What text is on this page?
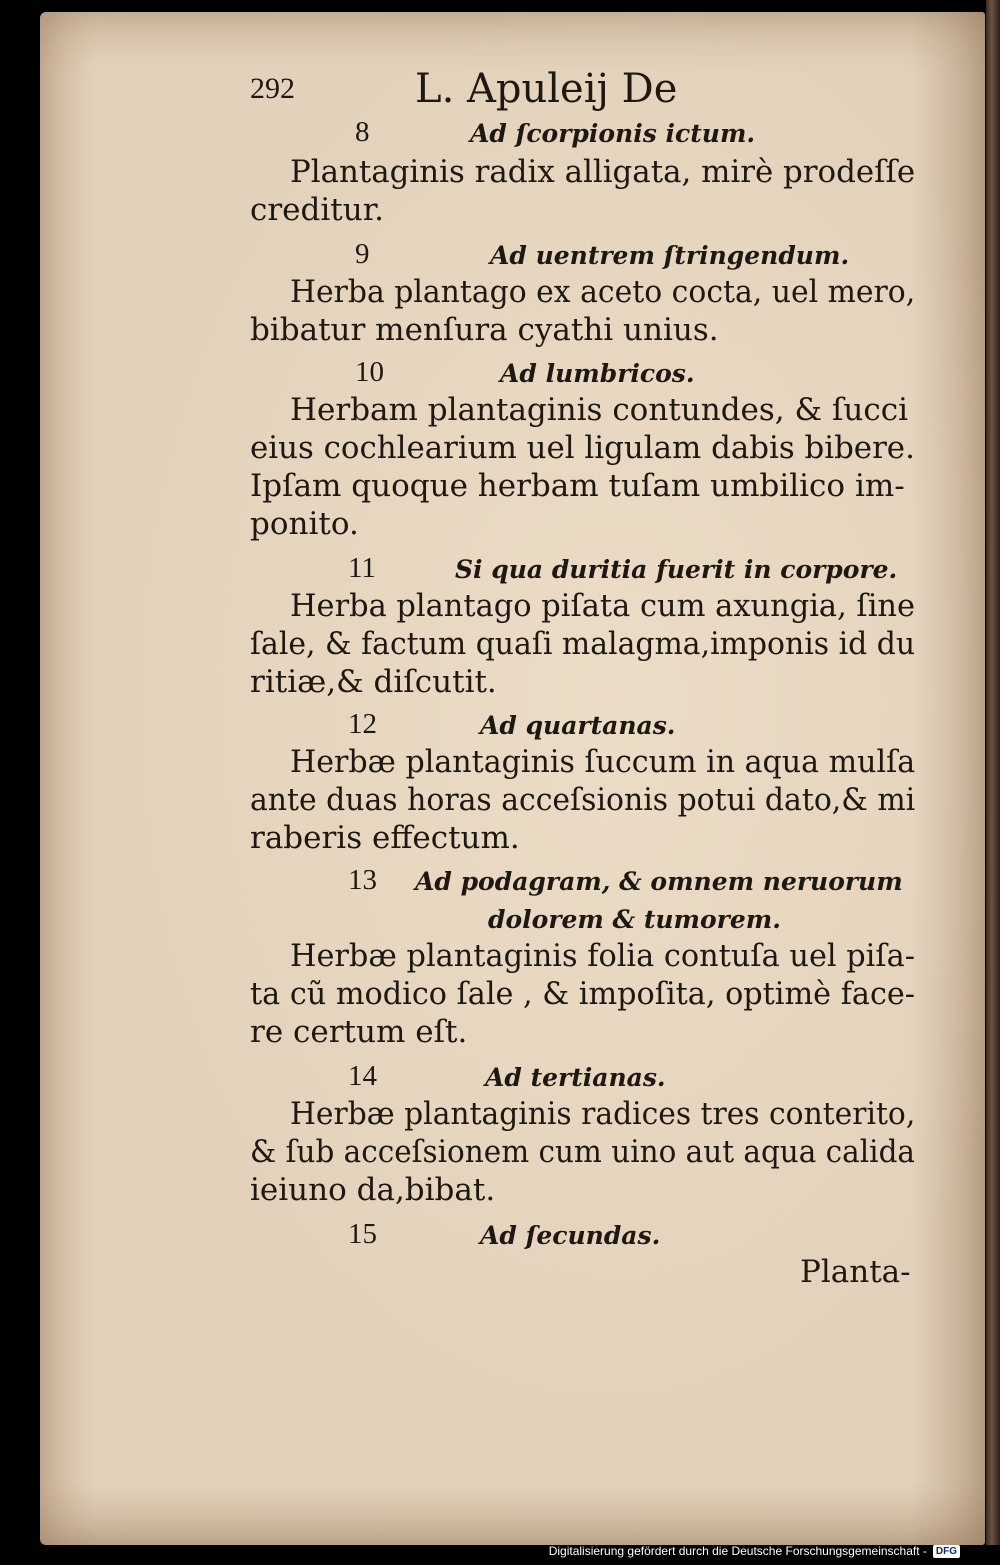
292	L. Apuleij De

8	Ad ſcorpionis ictum.

Plantaginis radix alligata, mirè prodeſſe

creditur.

9	Ad uentrem ſtringendum.

Herba plantago ex aceto cocta, uel mero,

bibatur menſura cyathi unius.

10	Ad lumbricos.

Herbam plantaginis contundes, & ſucci

eius cochlearium uel ligulam dabis bibere.

Ipſam quoque herbam tuſam umbilico im-

ponito.

11	Si qua duritia fuerit in corpore.

Herba plantago piſata cum axungia, ſine

ſale, & factum quaſi malagma,imponis id du

ritiæ,& diſcutit.

12	Ad quartanas.

Herbæ plantaginis ſuccum in aqua mulſa

ante duas horas acceſsionis potui dato,& mi

raberis effectum.

13 Ad podagram, & omnem neruorum

dolorem & tumorem.

Herbæ plantaginis folia contuſa uel piſa-

ta cũ modico ſale , & impoſita, optimè face-

re certum eſt.

14	Ad tertianas.

Herbæ plantaginis radices tres conterito,

& ſub acceſsionem cum uino aut aqua calida

ieiuno da,bibat.

15	Ad ſecundas.

Planta-

Digitalisierung gefördert durch die Deutsche Forschungsgemeinschaft - DFG
